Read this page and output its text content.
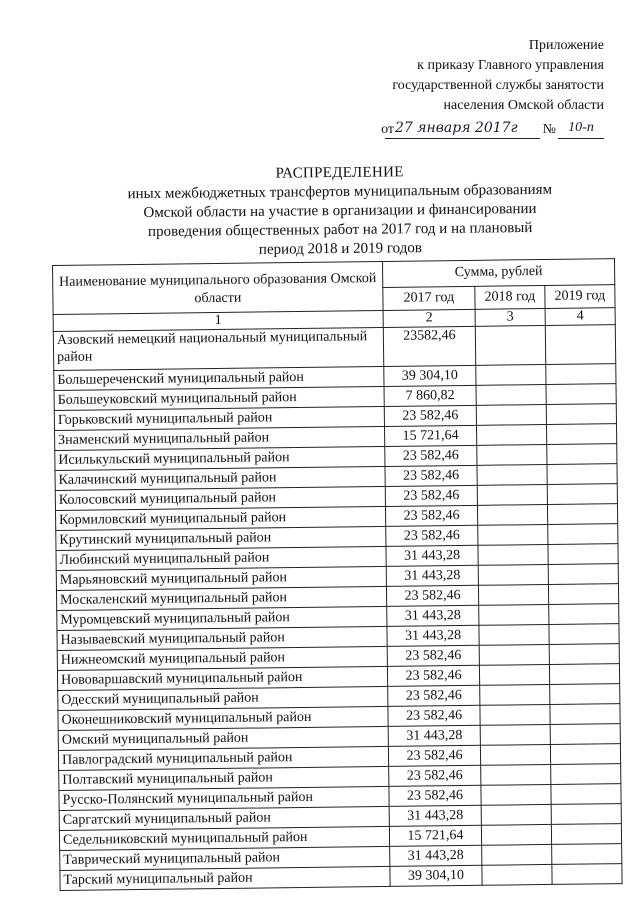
Приложение
к приказу Главного управления
государственной службы занятости
населения Омской области
от 27 января 2017г	№ 10-п
РАСПРЕДЕЛЕНИЕ
иных межбюджетных трансфертов муниципальным образованиям
Омской области на участие в организации и финансировании
проведения общественных работ на 2017 год и на плановый
период 2018 и 2019 годов
Наименование муниципального образования Омской области	Сумма, рублей		
	2017 год	2018 год	2019 год
1	2	3	4
Азовский немецкий национальный муниципальный район	23582,46		
Большереченский муниципальный район	39 304,10		
Большеуковский муниципальный район	7 860,82		
Горьковский муниципальный район	23 582,46		
Знаменский муниципальный район	15 721,64		
Исилькульский муниципальный район	23 582,46		
Калачинский муниципальный район	23 582,46		
Колосовский муниципальный район	23 582,46		
Кормиловский муниципальный район	23 582,46		
Крутинский муниципальный район	23 582,46		
Любинский муниципальный район	31 443,28		
Марьяновский муниципальный район	31 443,28		
Москаленский муниципальный район	23 582,46		
Муромцевский муниципальный район	31 443,28		
Называевский муниципальный район	31 443,28		
Нижнеомский муниципальный район	23 582,46		
Нововаршавский муниципальный район	23 582,46		
Одесский муниципальный район	23 582,46		
Оконешниковский муниципальный район	23 582,46		
Омский муниципальный район	31 443,28		
Павлоградский муниципальный район	23 582,46		
Полтавский муниципальный район	23 582,46		
Русско-Полянский муниципальный район	23 582,46		
Саргатский муниципальный район	31 443,28		
Седельниковский муниципальный район	15 721,64		
Таврический муниципальный район	31 443,28		
Тарский муниципальный район	39 304,10		
